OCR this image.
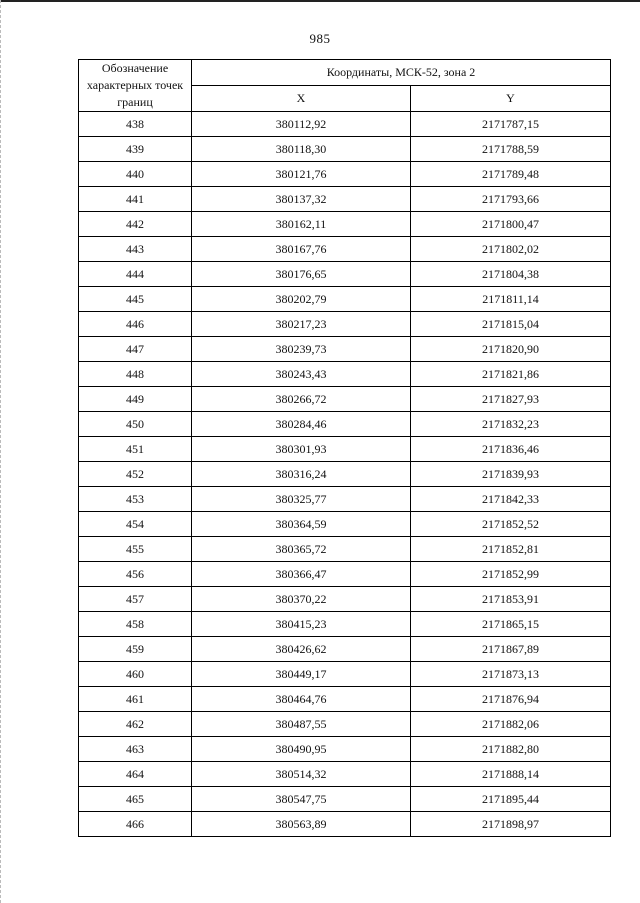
985
Обозначение характерных точек границ	Координаты, МСК-52, зона 2	
	X	Y
438	380112,92	2171787,15
439	380118,30	2171788,59
440	380121,76	2171789,48
441	380137,32	2171793,66
442	380162,11	2171800,47
443	380167,76	2171802,02
444	380176,65	2171804,38
445	380202,79	2171811,14
446	380217,23	2171815,04
447	380239,73	2171820,90
448	380243,43	2171821,86
449	380266,72	2171827,93
450	380284,46	2171832,23
451	380301,93	2171836,46
452	380316,24	2171839,93
453	380325,77	2171842,33
454	380364,59	2171852,52
455	380365,72	2171852,81
456	380366,47	2171852,99
457	380370,22	2171853,91
458	380415,23	2171865,15
459	380426,62	2171867,89
460	380449,17	2171873,13
461	380464,76	2171876,94
462	380487,55	2171882,06
463	380490,95	2171882,80
464	380514,32	2171888,14
465	380547,75	2171895,44
466	380563,89	2171898,97
